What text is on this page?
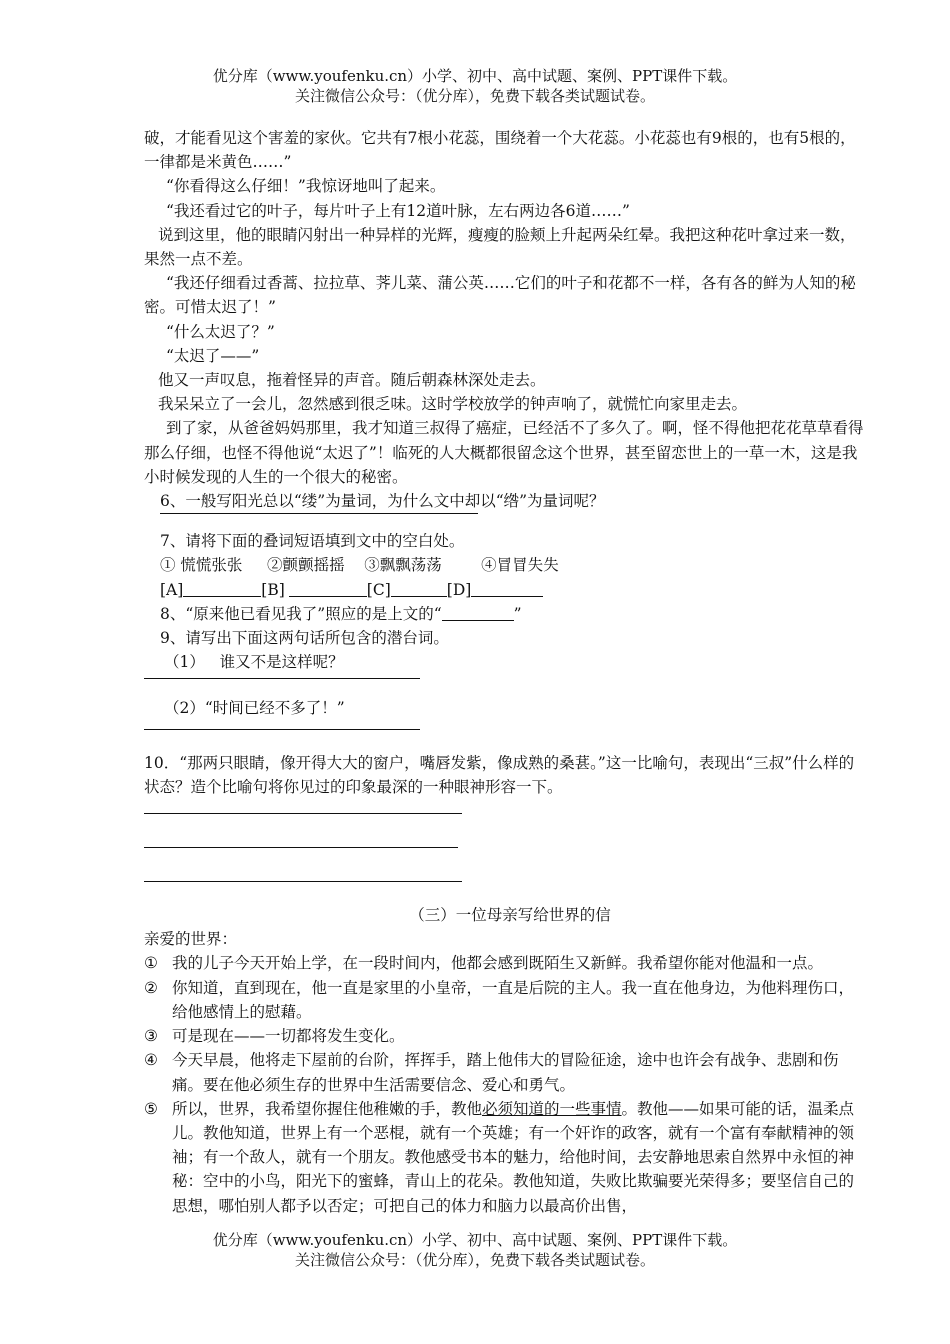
优分库（www.youfenku.cn）小学、初中、高中试题、案例、PPT课件下载。
关注微信公众号：（优分库），免费下载各类试题试卷。

破，才能看见这个害羞的家伙。它共有7根小花蕊，围绕着一个大花蕊。小花蕊也有9根的，也有5根的，一律都是米黄色……”

“你看得这么仔细！”我惊讶地叫了起来。

“我还看过它的叶子，每片叶子上有12道叶脉，左右两边各6道……”

说到这里，他的眼睛闪射出一种异样的光辉，瘦瘦的脸颊上升起两朵红晕。我把这种花叶拿过来一数，果然一点不差。

“我还仔细看过香蒿、拉拉草、荠儿菜、蒲公英……它们的叶子和花都不一样，各有各的鲜为人知的秘密。可惜太迟了！”

“什么太迟了？”

“太迟了——”

他又一声叹息，拖着怪异的声音。随后朝森林深处走去。

我呆呆立了一会儿，忽然感到很乏味。这时学校放学的钟声响了，就慌忙向家里走去。

到了家，从爸爸妈妈那里，我才知道三叔得了癌症，已经活不了多久了。啊，怪不得他把花花草草看得那么仔细，也怪不得他说“太迟了”！临死的人大概都很留念这个世界，甚至留恋世上的一草一木，这是我小时候发现的人生的一个很大的秘密。

6、一般写阳光总以“缕”为量词，为什么文中却以“绺”为量词呢？
7、请将下面的叠词短语填到文中的空白处。
① 慌慌张张     ②颤颤摇摇    ③飘飘荡荡        ④冒冒失失
[A]	[B]	[C]	[D]
8、“原来他已看见我了”照应的是上文的“	”
9、请写出下面这两句话所包含的潜台词。
（1）   谁又不是这样呢？
（2）“时间已经不多了！”
10．“那两只眼睛，像开得大大的窗户，嘴唇发紫，像成熟的桑葚。”这一比喻句，表现出“三叔”什么样的状态？造个比喻句将你见过的印象最深的一种眼神形容一下。
（三）一位母亲写给世界的信
亲爱的世界：
① 我的儿子今天开始上学，在一段时间内，他都会感到既陌生又新鲜。我希望你能对他温和一点。
② 你知道，直到现在，他一直是家里的小皇帝，一直是后院的主人。我一直在他身边，为他料理伤口，给他感情上的慰藉。
③ 可是现在——一切都将发生变化。
④ 今天早晨，他将走下屋前的台阶，挥挥手，踏上他伟大的冒险征途，途中也许会有战争、悲剧和伤痛。要在他必须生存的世界中生活需要信念、爱心和勇气。
⑤ 所以，世界，我希望你握住他稚嫩的手，教他必须知道的一些事情。教他——如果可能的话，温柔点儿。教他知道，世界上有一个恶棍，就有一个英雄；有一个奸诈的政客，就有一个富有奉献精神的领袖；有一个敌人，就有一个朋友。教他感受书本的魅力，给他时间，去安静地思索自然界中永恒的神秘：空中的小鸟，阳光下的蜜蜂，青山上的花朵。教他知道，失败比欺骗要光荣得多；要坚信自己的思想，哪怕别人都予以否定；可把自己的体力和脑力以最高价出售，
优分库（www.youfenku.cn）小学、初中、高中试题、案例、PPT课件下载。
关注微信公众号：（优分库），免费下载各类试题试卷。
